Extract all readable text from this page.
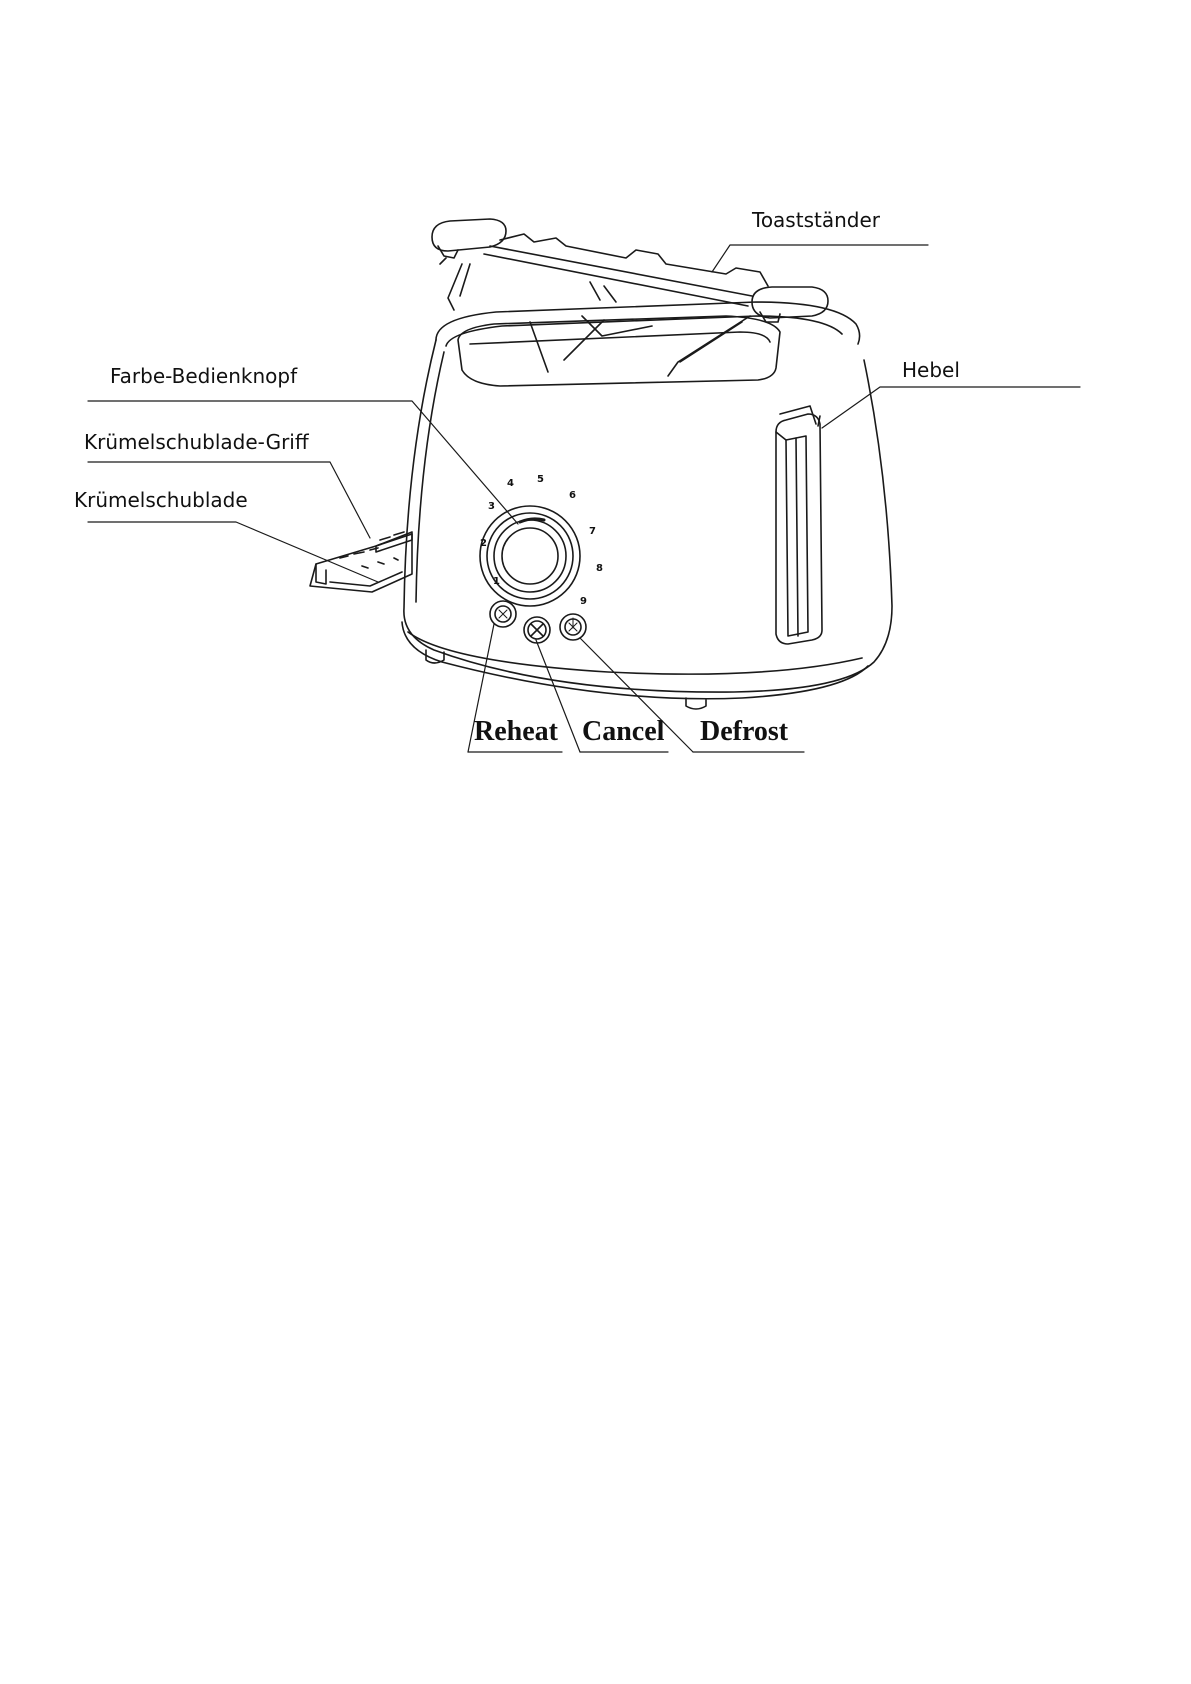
1
2
3
4 5
6
7
8
9
Toastständer
Hebel
Farbe-Bedienknopf
Krümelschublade-Griff
Krümelschublade
Reheat Cancel Defrost
